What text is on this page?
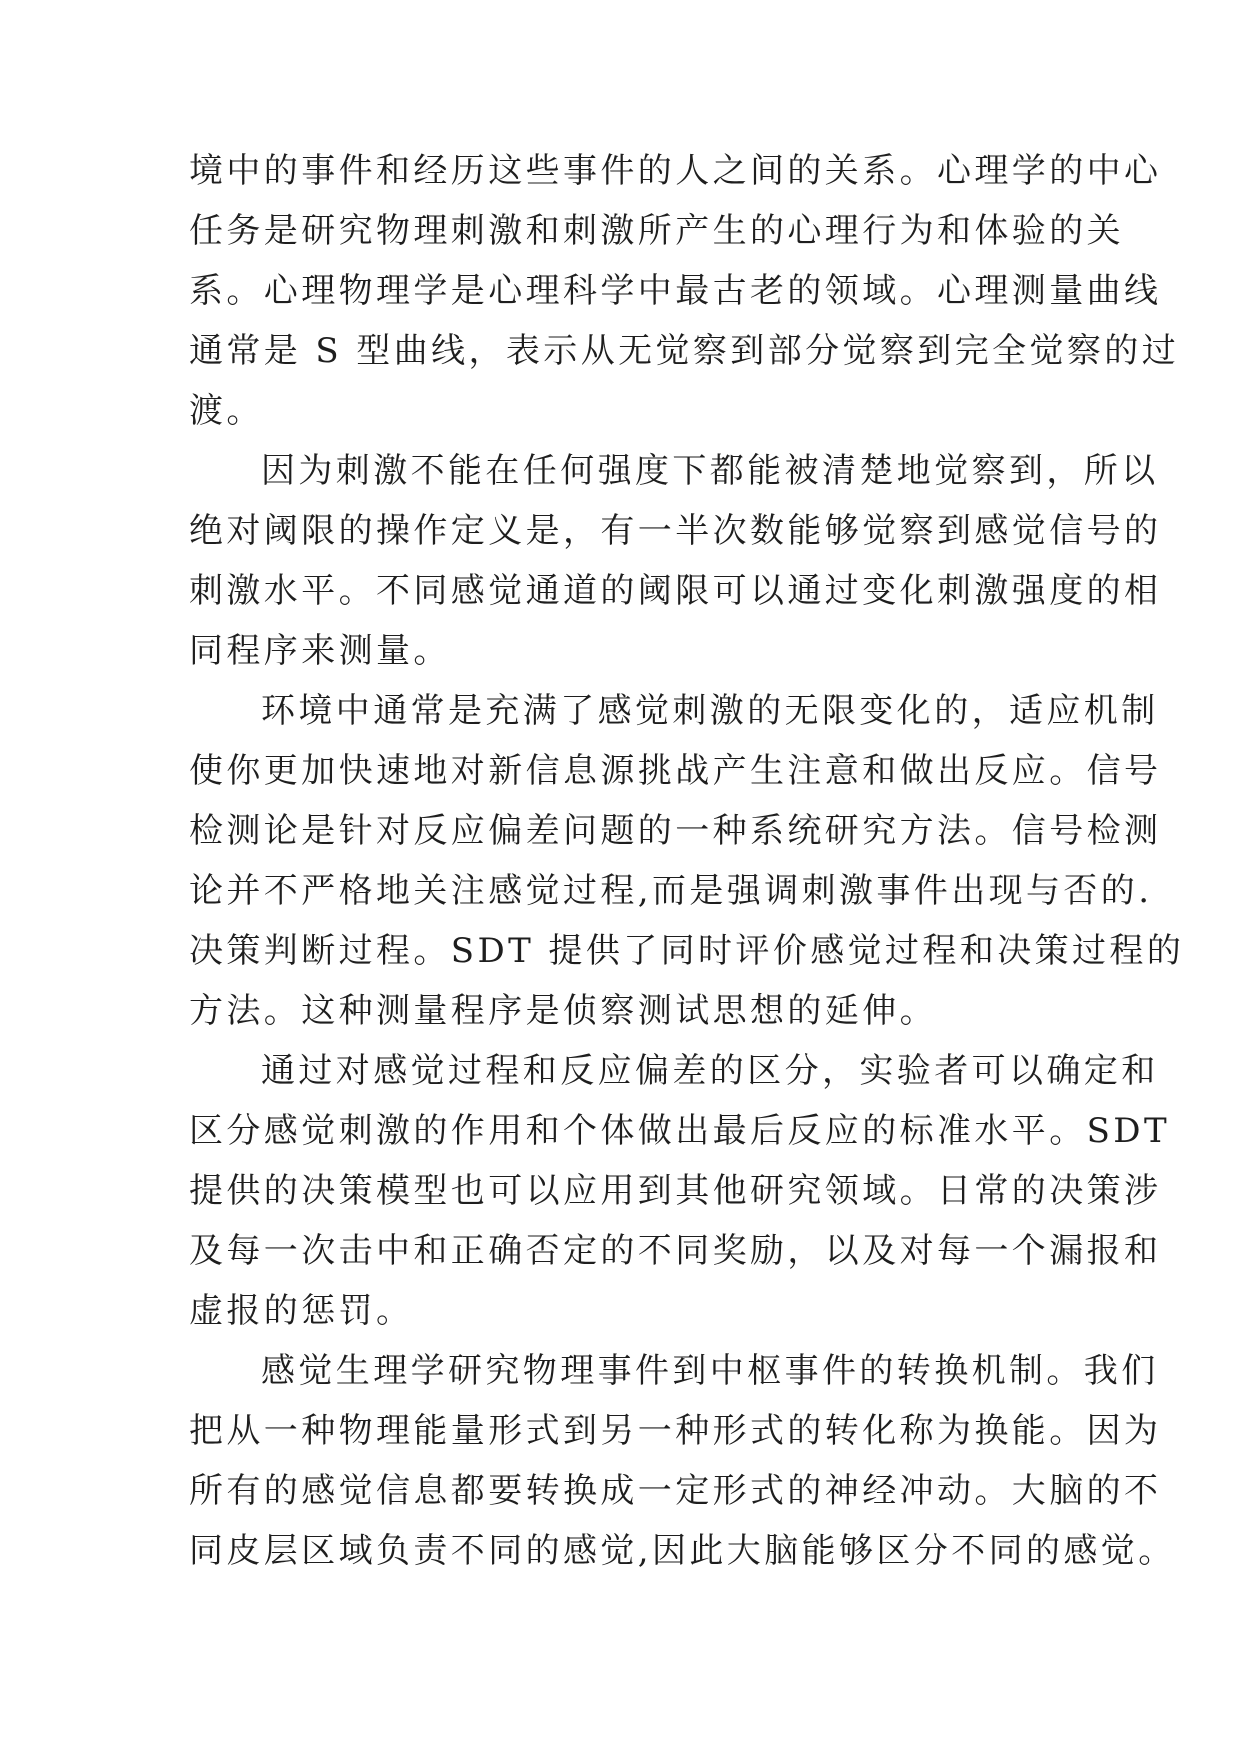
境中的事件和经历这些事件的人之间的关系。心理学的中心
任务是研究物理刺激和刺激所产生的心理行为和体验的关
系。心理物理学是心理科学中最古老的领域。心理测量曲线
通常是 S 型曲线，表示从无觉察到部分觉察到完全觉察的过
渡。
因为刺激不能在任何强度下都能被清楚地觉察到，所以
绝对阈限的操作定义是，有一半次数能够觉察到感觉信号的
刺激水平。不同感觉通道的阈限可以通过变化刺激强度的相
同程序来测量。
环境中通常是充满了感觉刺激的无限变化的，适应机制
使你更加快速地对新信息源挑战产生注意和做出反应。信号
检测论是针对反应偏差问题的一种系统研究方法。信号检测
论并不严格地关注感觉过程,而是强调刺激事件出现与否的.
决策判断过程。SDT 提供了同时评价感觉过程和决策过程的
方法。这种测量程序是侦察测试思想的延伸。
通过对感觉过程和反应偏差的区分，实验者可以确定和
区分感觉刺激的作用和个体做出最后反应的标准水平。SDT
提供的决策模型也可以应用到其他研究领域。日常的决策涉
及每一次击中和正确否定的不同奖励，以及对每一个漏报和
虚报的惩罚。
感觉生理学研究物理事件到中枢事件的转换机制。我们
把从一种物理能量形式到另一种形式的转化称为换能。因为
所有的感觉信息都要转换成一定形式的神经冲动。大脑的不
同皮层区域负责不同的感觉,因此大脑能够区分不同的感觉。
